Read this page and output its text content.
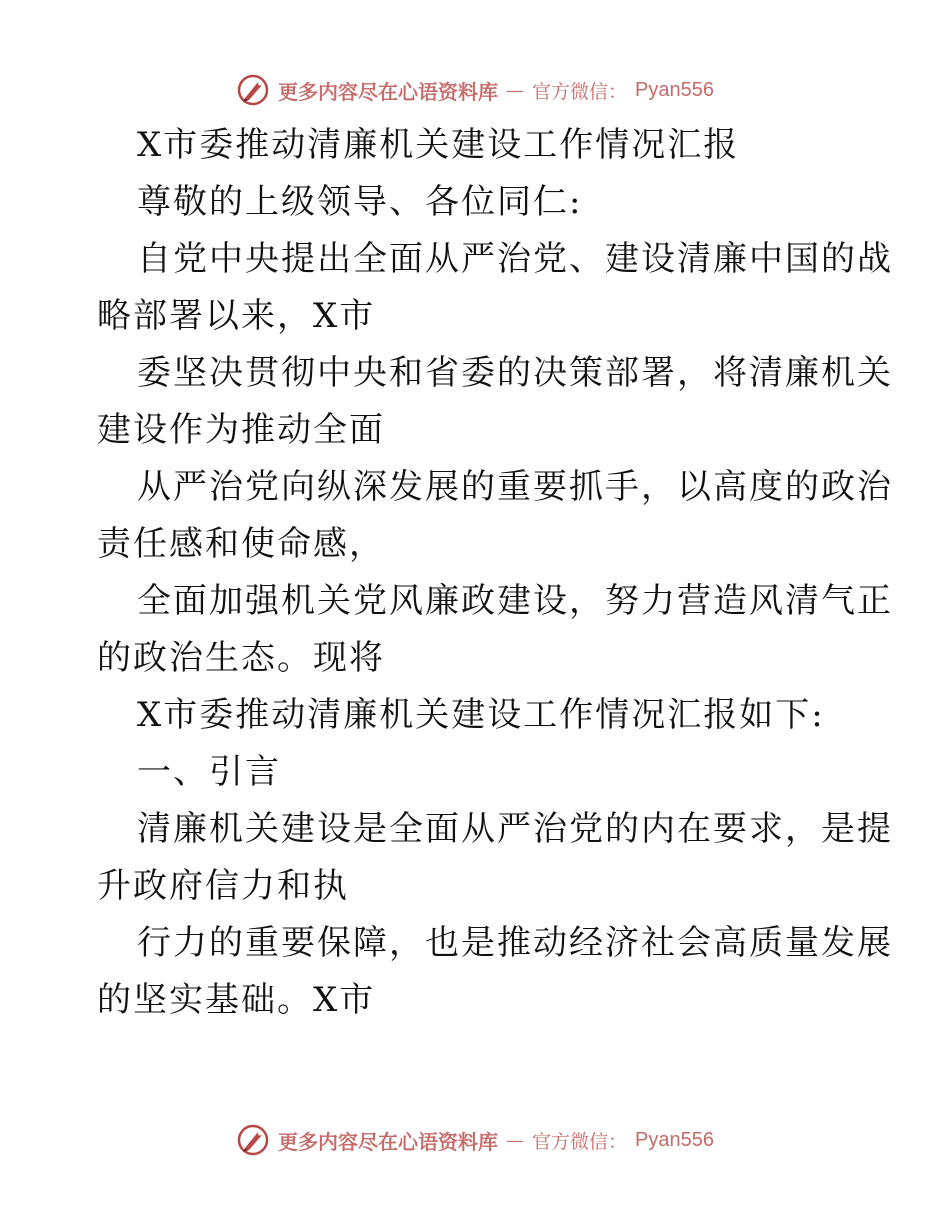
更多内容尽在心语资料库 — 官方微信： Pyan556
X市委推动清廉机关建设工作情况汇报
尊敬的上级领导、各位同仁:
自党中央提出全面从严治党、建设清廉中国的战
略部署以来，X市
委坚决贯彻中央和省委的决策部署，将清廉机关
建设作为推动全面
从严治党向纵深发展的重要抓手，以高度的政治
责任感和使命感，
全面加强机关党风廉政建设，努力营造风清气正
的政治生态。现将
X市委推动清廉机关建设工作情况汇报如下:
一、引言
清廉机关建设是全面从严治党的内在要求，是提
升政府信力和执
行力的重要保障，也是推动经济社会高质量发展
的坚实基础。X市
更多内容尽在心语资料库 — 官方微信： Pyan556
